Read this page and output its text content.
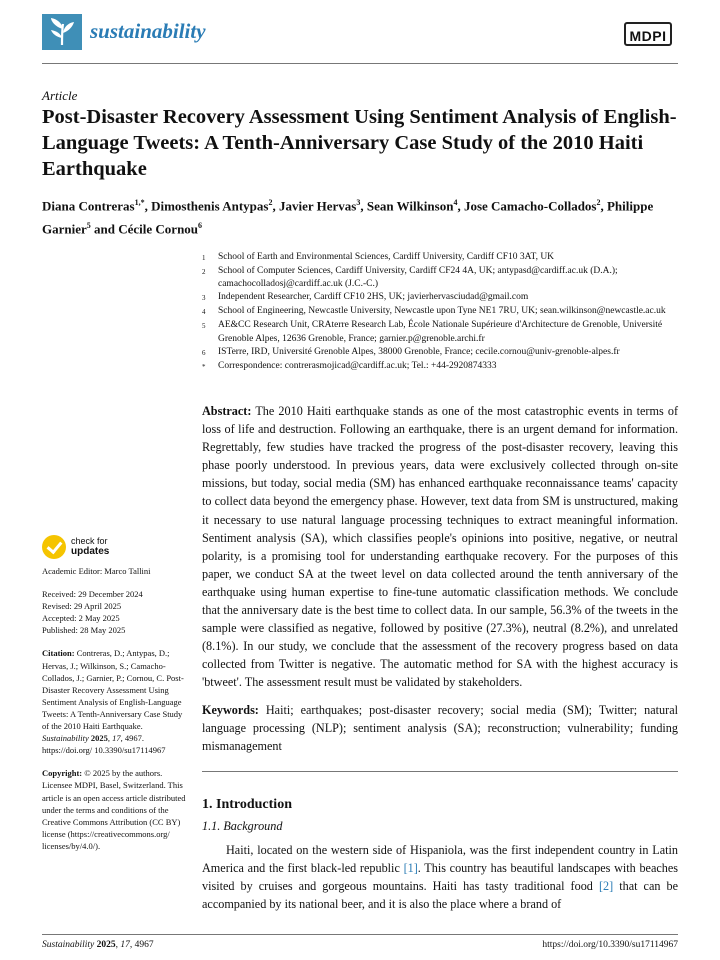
sustainability	MDPI
Article
Post-Disaster Recovery Assessment Using Sentiment Analysis of English-Language Tweets: A Tenth-Anniversary Case Study of the 2010 Haiti Earthquake
Diana Contreras$^{1,*}$, Dimosthenis Antypas$^2$, Javier Hervas$^3$, Sean Wilkinson$^4$, Jose Camacho-Collados$^2$, Philippe Garnier$^5$ and Cécile Cornou$^6$
1	School of Earth and Environmental Sciences, Cardiff University, Cardiff CF10 3AT, UK
2	School of Computer Sciences, Cardiff University, Cardiff CF24 4A, UK; antypasd@cardiff.ac.uk (D.A.); camachocolladosj@cardiff.ac.uk (J.C.-C.)
3	Independent Researcher, Cardiff CF10 2HS, UK; javierhervasciudad@gmail.com
4	School of Engineering, Newcastle University, Newcastle upon Tyne NE1 7RU, UK; sean.wilkinson@newcastle.ac.uk
5	AE&CC Research Unit, CRAterre Research Lab, École Nationale Supérieure d'Architecture de Grenoble, Université Grenoble Alpes, 12636 Grenoble, France; garnier.p@grenoble.archi.fr
6	ISTerre, IRD, Université Grenoble Alpes, 38000 Grenoble, France; cecile.cornou@univ-grenoble-alpes.fr
*	Correspondence: contrerasmojicad@cardiff.ac.uk; Tel.: +44-2920874333
Abstract: The 2010 Haiti earthquake stands as one of the most catastrophic events in terms of loss of life and destruction. Following an earthquake, there is an urgent demand for information. Regrettably, few studies have tracked the progress of the post-disaster recovery, leaving this phase poorly understood. In previous years, data were exclusively collected through on-site missions, but today, social media (SM) has enhanced earthquake reconnaissance teams' capacity to collect data beyond the emergency phase. However, text data from SM is unstructured, making it necessary to use natural language processing techniques to extract meaningful information. Sentiment analysis (SA), which classifies people's opinions into positive, negative, or neutral polarity, is a promising tool for understanding earthquake recovery. For the purposes of this paper, we conduct SA at the tweet level on data collected around the tenth anniversary of the earthquake using human expertise to fine-tune automatic classification methods. We conclude that the anniversary date is the best time to collect data. In our sample, 56.3% of the tweets in the sample were classified as negative, followed by positive (27.3%), neutral (8.2%), and unrelated (8.1%). In our study, we conclude that the assessment of the recovery progress based on data collected from Twitter is negative. The automatic method for SA with the highest accuracy is 'btweet'. The assessment result must be validated by stakeholders.
Keywords: Haiti; earthquakes; post-disaster recovery; social media (SM); Twitter; natural language processing (NLP); sentiment analysis (SA); reconstruction; vulnerability; funding mismanagement
1. Introduction
1.1. Background
Haiti, located on the western side of Hispaniola, was the first independent country in Latin America and the first black-led republic [1]. This country has beautiful landscapes with beaches visited by cruises and gorgeous mountains. Haiti has tasty traditional food [2] that can be accompanied by its national beer, and it is also the place where a brand of
check for
updates

Academic Editor: Marco Tallini

Received: 29 December 2024

Revised: 29 April 2025

Accepted: 2 May 2025

Published: 28 May 2025

Citation: Contreras, D.; Antypas, D.; Hervas, J.; Wilkinson, S.; Camacho-Collados, J.; Garnier, P.; Cornou, C. Post-Disaster Recovery Assessment Using Sentiment Analysis of English-Language Tweets: A Tenth-Anniversary Case Study of the 2010 Haiti Earthquake. Sustainability 2025, 17, 4967. https://doi.org/ 10.3390/su17114967

Copyright: © 2025 by the authors. Licensee MDPI, Basel, Switzerland. This article is an open access article distributed under the terms and conditions of the Creative Commons Attribution (CC BY) license (https://creativecommons.org/ licenses/by/4.0/).

Sustainability 2025, 17, 4967	https://doi.org/10.3390/su17114967
